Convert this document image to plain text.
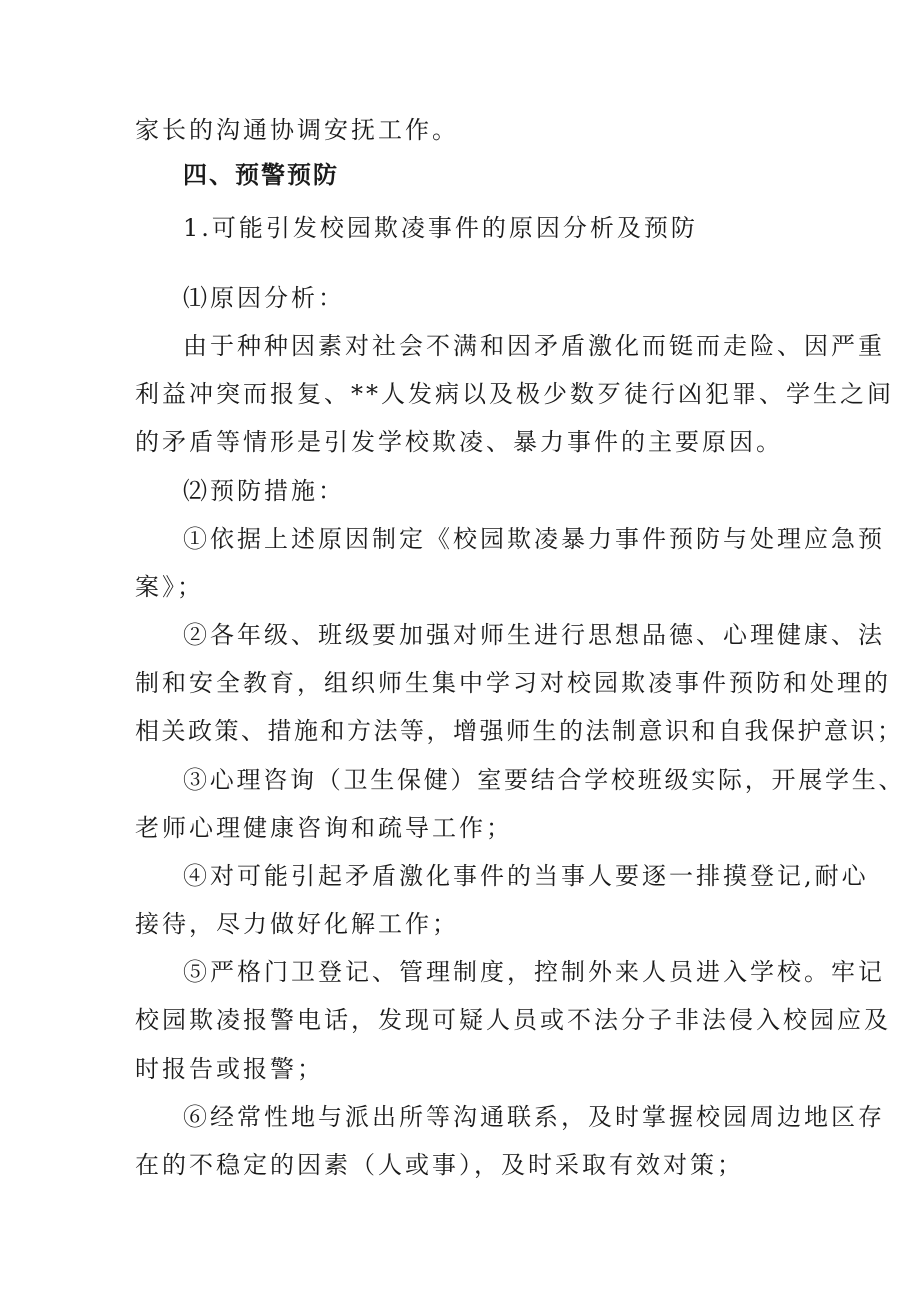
家长的沟通协调安抚工作。
四、预警预防
1.可能引发校园欺凌事件的原因分析及预防
⑴原因分析：
由于种种因素对社会不满和因矛盾激化而铤而走险、因严重
利益冲突而报复、**人发病以及极少数歹徒行凶犯罪、学生之间
的矛盾等情形是引发学校欺凌、暴力事件的主要原因。
⑵预防措施：
①依据上述原因制定《校园欺凌暴力事件预防与处理应急预
案》；
②各年级、班级要加强对师生进行思想品德、心理健康、法
制和安全教育，组织师生集中学习对校园欺凌事件预防和处理的
相关政策、措施和方法等，增强师生的法制意识和自我保护意识；
③心理咨询（卫生保健）室要结合学校班级实际，开展学生、
老师心理健康咨询和疏导工作；
④对可能引起矛盾激化事件的当事人要逐一排摸登记,耐心
接待，尽力做好化解工作；
⑤严格门卫登记、管理制度，控制外来人员进入学校。牢记
校园欺凌报警电话，发现可疑人员或不法分子非法侵入校园应及
时报告或报警；
⑥经常性地与派出所等沟通联系，及时掌握校园周边地区存
在的不稳定的因素（人或事），及时采取有效对策；
